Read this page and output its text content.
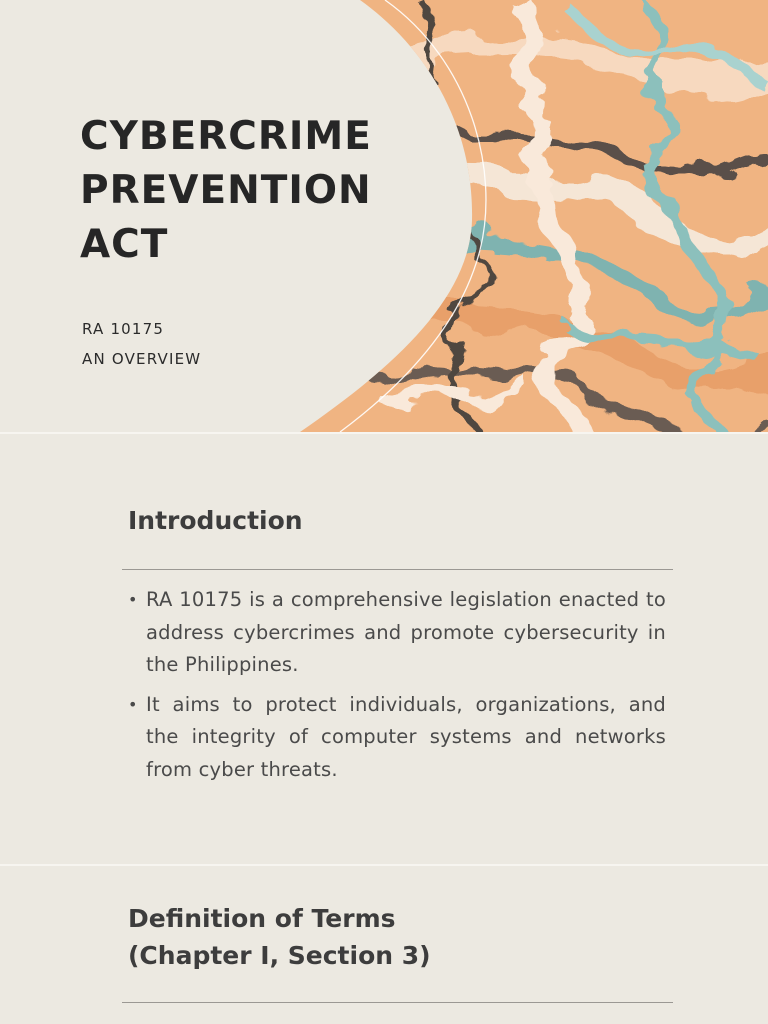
CYBERCRIME
PREVENTION
ACT
RA 10175
AN OVERVIEW
Introduction
• RA 10175 is a comprehensive legislation enacted to address cybercrimes and promote cybersecurity in the Philippines.
• It aims to protect individuals, organizations, and the integrity of computer systems and networks from cyber threats.
Definition of Terms
(Chapter I, Section 3)
